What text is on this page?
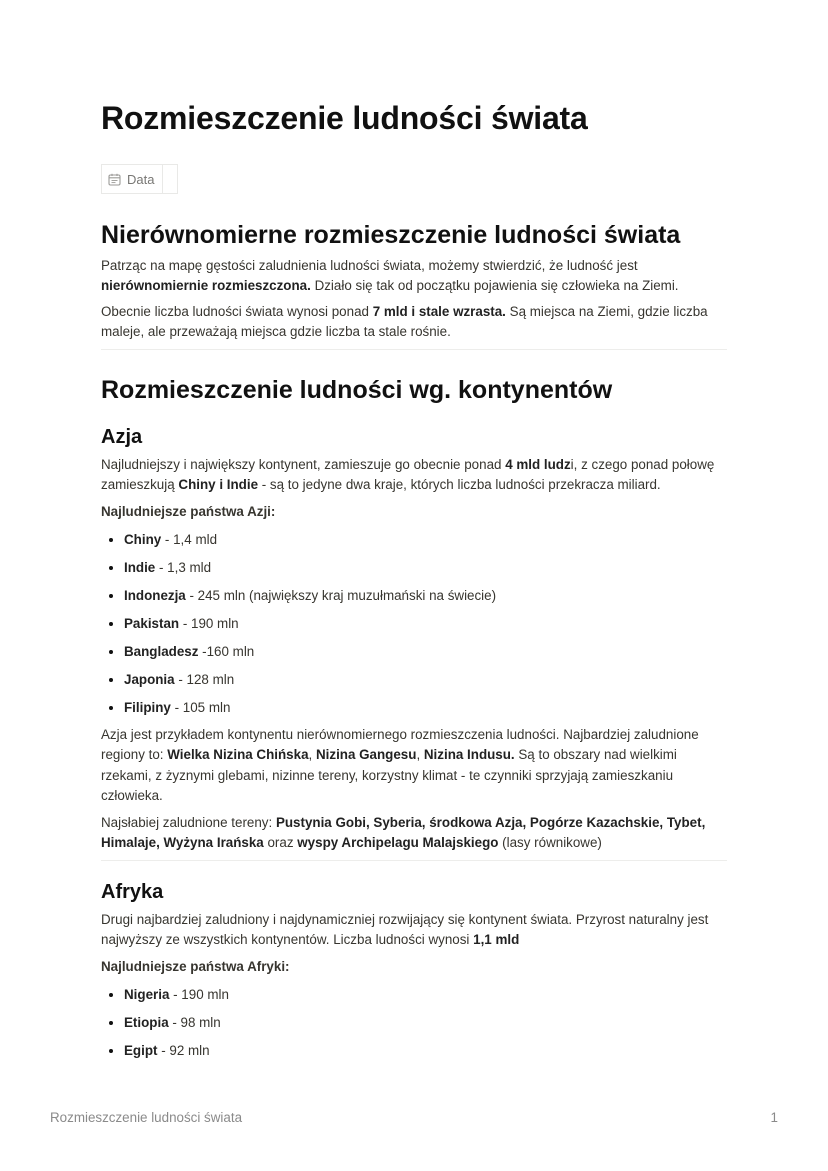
Rozmieszczenie ludności świata
Data
Nierównomierne rozmieszczenie ludności świata

Patrząc na mapę gęstości zaludnienia ludności świata, możemy stwierdzić, że ludność jest nierównomiernie rozmieszczona. Działo się tak od początku pojawienia się człowieka na Ziemi.

Obecnie liczba ludności świata wynosi ponad 7 mld i stale wzrasta. Są miejsca na Ziemi, gdzie liczba maleje, ale przeważają miejsca gdzie liczba ta stale rośnie.

Rozmieszczenie ludności wg. kontynentów
Azja

Najludniejszy i największy kontynent, zamieszuje go obecnie ponad 4 mld ludzi, z czego ponad połowę zamieszkują Chiny i Indie - są to jedyne dwa kraje, których liczba ludności przekracza miliard.

Najludniejsze państwa Azji:

• Chiny - 1,4 mld
• Indie - 1,3 mld
• Indonezja - 245 mln (największy kraj muzułmański na świecie)
• Pakistan - 190 mln
• Bangladesz -160 mln
• Japonia - 128 mln
• Filipiny - 105 mln

Azja jest przykładem kontynentu nierównomiernego rozmieszczenia ludności. Najbardziej zaludnione regiony to: Wielka Nizina Chińska, Nizina Gangesu, Nizina Indusu. Są to obszary nad wielkimi rzekami, z żyznymi glebami, nizinne tereny, korzystny klimat - te czynniki sprzyjają zamieszkaniu człowieka.

Najsłabiej zaludnione tereny: Pustynia Gobi, Syberia, środkowa Azja, Pogórze Kazachskie, Tybet, Himalaje, Wyżyna Irańska oraz wyspy Archipelagu Malajskiego (lasy równikowe)

Afryka

Drugi najbardziej zaludniony i najdynamiczniej rozwijający się kontynent świata. Przyrost naturalny jest najwyższy ze wszystkich kontynentów. Liczba ludności wynosi 1,1 mld

Najludniejsze państwa Afryki:

• Nigeria - 190 mln
• Etiopia - 98 mln
• Egipt - 92 mln
Rozmieszczenie ludności świata	1
